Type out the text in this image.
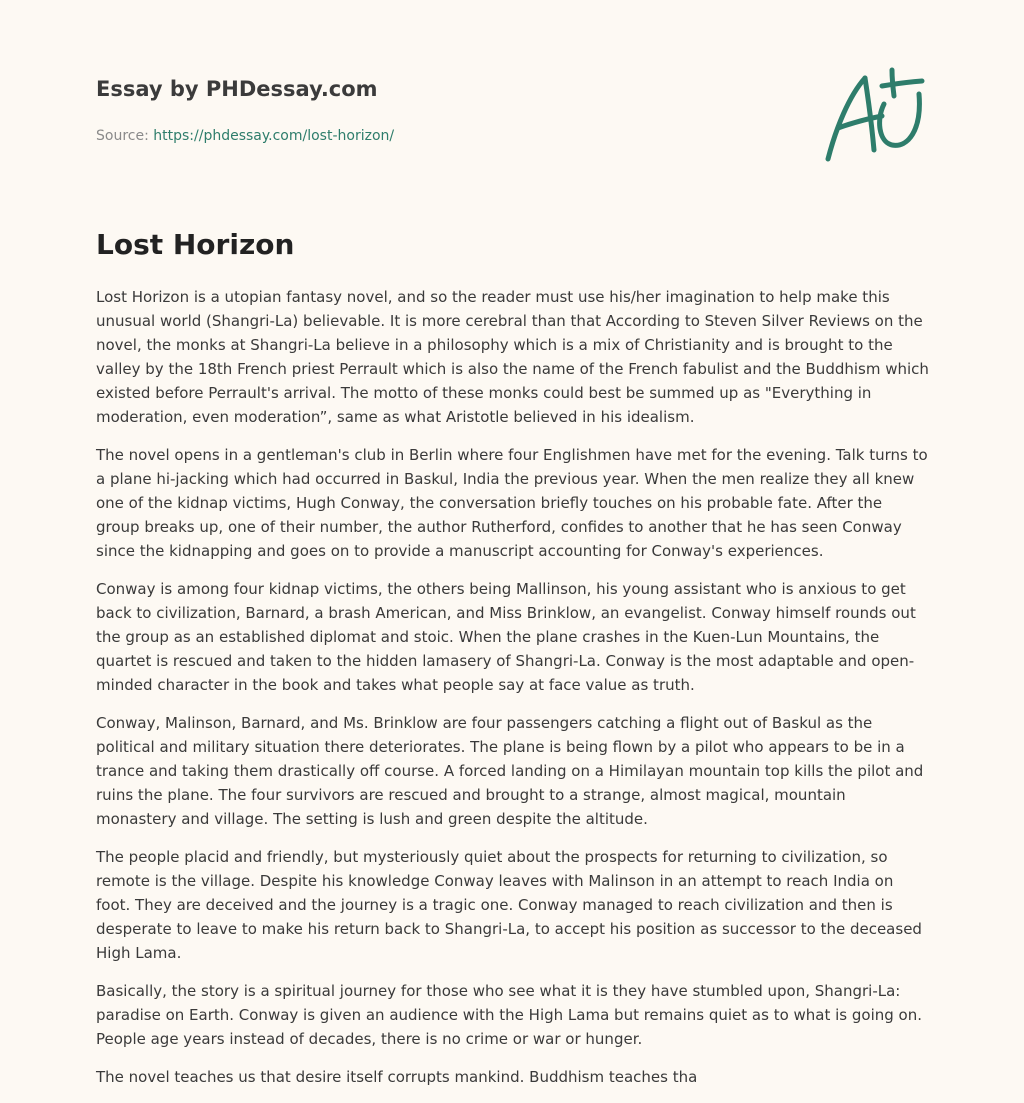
Essay by PHDessay.com
Source: https://phdessay.com/lost-horizon/
Lost Horizon

Lost Horizon is a utopian fantasy novel, and so the reader must use his/her imagination to help make this unusual world (Shangri-La) believable. It is more cerebral than that According to Steven Silver Reviews on the novel, the monks at Shangri-La believe in a philosophy which is a mix of Christianity and is brought to the valley by the 18th French priest Perrault which is also the name of the French fabulist and the Buddhism which existed before Perrault's arrival. The motto of these monks could best be summed up as "Everything in moderation, even moderation”, same as what Aristotle believed in his idealism.

The novel opens in a gentleman's club in Berlin where four Englishmen have met for the evening. Talk turns to a plane hi-jacking which had occurred in Baskul, India the previous year. When the men realize they all knew one of the kidnap victims, Hugh Conway, the conversation briefly touches on his probable fate. After the group breaks up, one of their number, the author Rutherford, confides to another that he has seen Conway since the kidnapping and goes on to provide a manuscript accounting for Conway's experiences.

Conway is among four kidnap victims, the others being Mallinson, his young assistant who is anxious to get back to civilization, Barnard, a brash American, and Miss Brinklow, an evangelist. Conway himself rounds out the group as an established diplomat and stoic. When the plane crashes in the Kuen-Lun Mountains, the quartet is rescued and taken to the hidden lamasery of Shangri-La. Conway is the most adaptable and open-minded character in the book and takes what people say at face value as truth.

Conway, Malinson, Barnard, and Ms. Brinklow are four passengers catching a flight out of Baskul as the political and military situation there deteriorates. The plane is being flown by a pilot who appears to be in a trance and taking them drastically off course. A forced landing on a Himilayan mountain top kills the pilot and ruins the plane. The four survivors are rescued and brought to a strange, almost magical, mountain monastery and village. The setting is lush and green despite the altitude.

The people placid and friendly, but mysteriously quiet about the prospects for returning to civilization, so remote is the village. Despite his knowledge Conway leaves with Malinson in an attempt to reach India on foot. They are deceived and the journey is a tragic one. Conway managed to reach civilization and then is desperate to leave to make his return back to Shangri-La, to accept his position as successor to the deceased High Lama.

Basically, the story is a spiritual journey for those who see what it is they have stumbled upon, Shangri-La: paradise on Earth. Conway is given an audience with the High Lama but remains quiet as to what is going on. People age years instead of decades, there is no crime or war or hunger.

The novel teaches us that desire itself corrupts mankind. Buddhism teaches tha
